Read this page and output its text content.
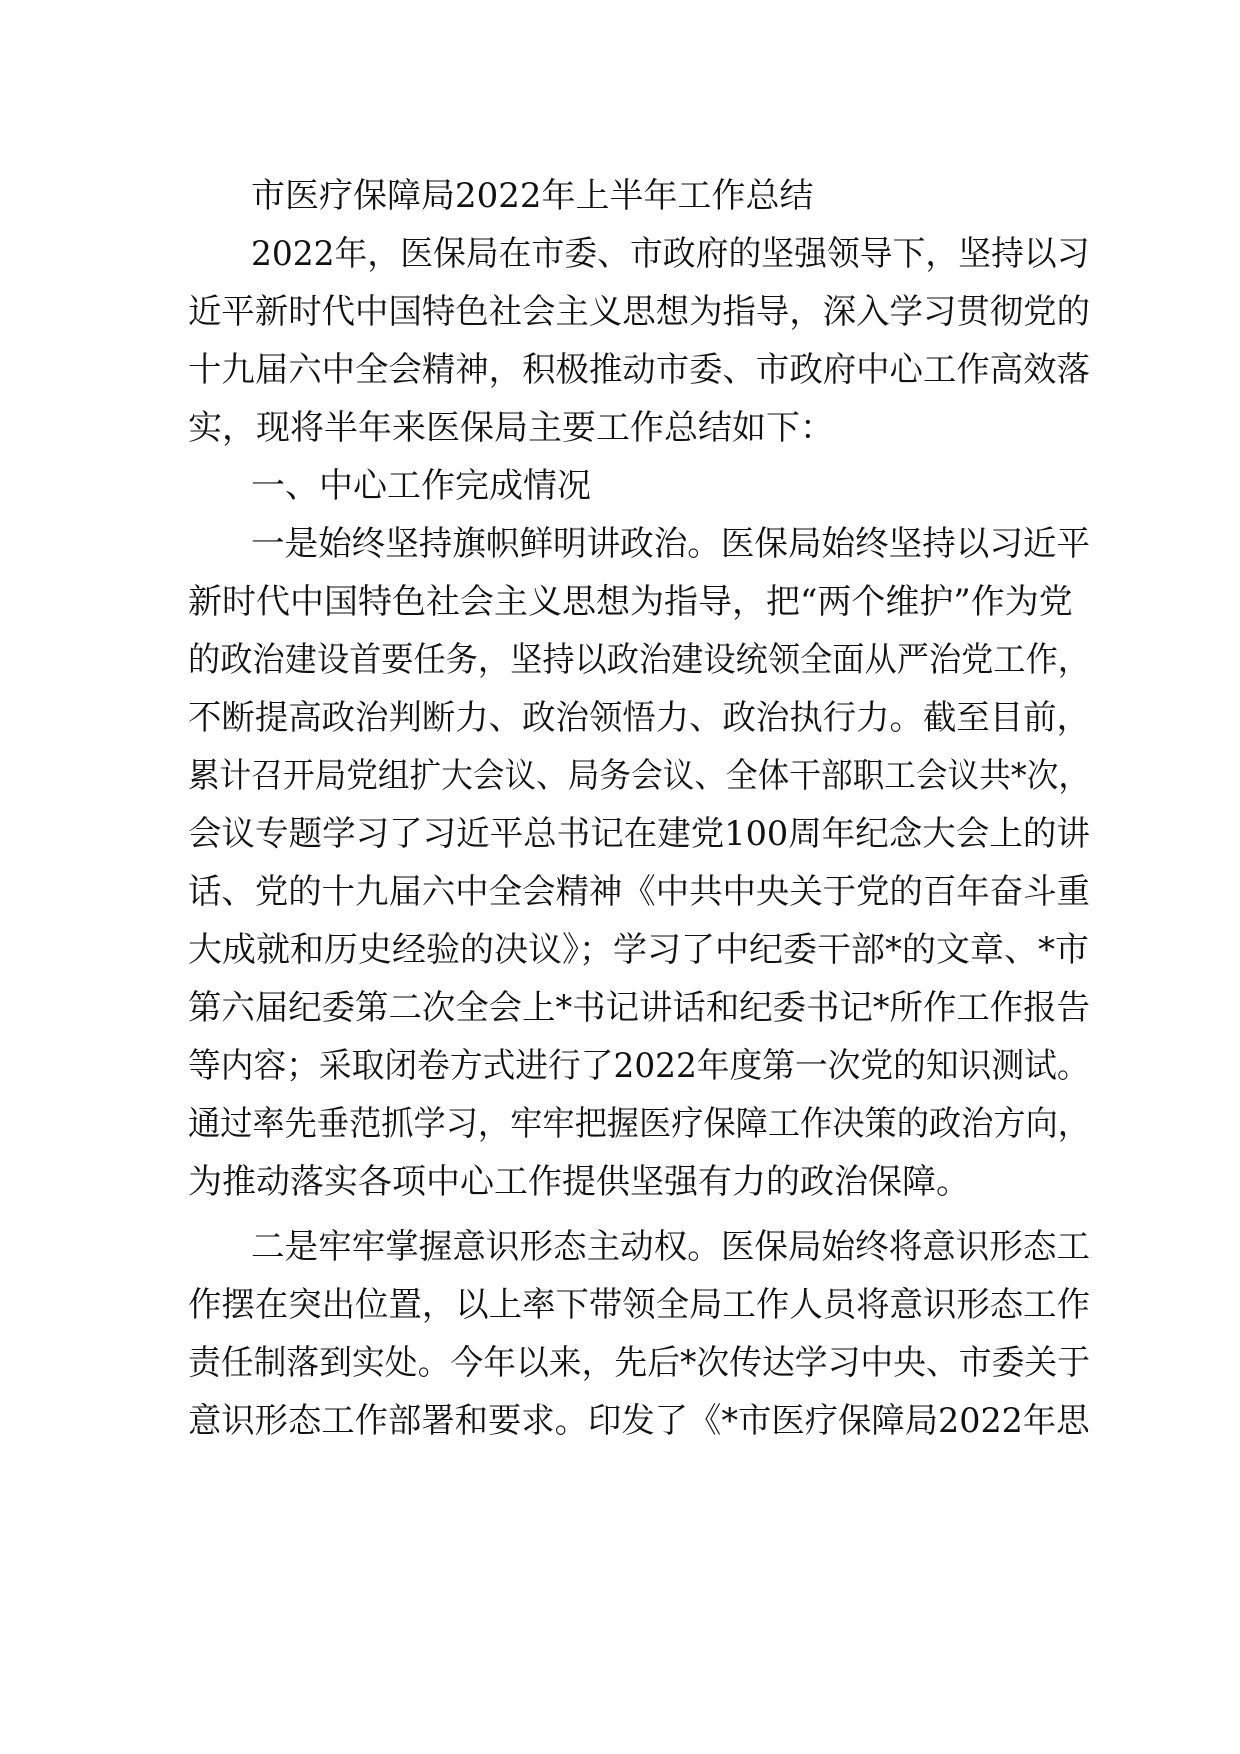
市医疗保障局2022年上半年工作总结
2022年，医保局在市委、市政府的坚强领导下，坚持以习
近平新时代中国特色社会主义思想为指导，深入学习贯彻党的
十九届六中全会精神，积极推动市委、市政府中心工作高效落
实，现将半年来医保局主要工作总结如下：
一、中心工作完成情况
一是始终坚持旗帜鲜明讲政治。医保局始终坚持以习近平
新时代中国特色社会主义思想为指导，把“两个维护”作为党
的政治建设首要任务，坚持以政治建设统领全面从严治党工作，
不断提高政治判断力、政治领悟力、政治执行力。截至目前，
累计召开局党组扩大会议、局务会议、全体干部职工会议共*次，
会议专题学习了习近平总书记在建党100周年纪念大会上的讲
话、党的十九届六中全会精神《中共中央关于党的百年奋斗重
大成就和历史经验的决议》；学习了中纪委干部*的文章、*市
第六届纪委第二次全会上*书记讲话和纪委书记*所作工作报告
等内容；采取闭卷方式进行了2022年度第一次党的知识测试。
通过率先垂范抓学习，牢牢把握医疗保障工作决策的政治方向，
为推动落实各项中心工作提供坚强有力的政治保障。
二是牢牢掌握意识形态主动权。医保局始终将意识形态工
作摆在突出位置，以上率下带领全局工作人员将意识形态工作
责任制落到实处。今年以来，先后*次传达学习中央、市委关于
意识形态工作部署和要求。印发了《*市医疗保障局2022年思
